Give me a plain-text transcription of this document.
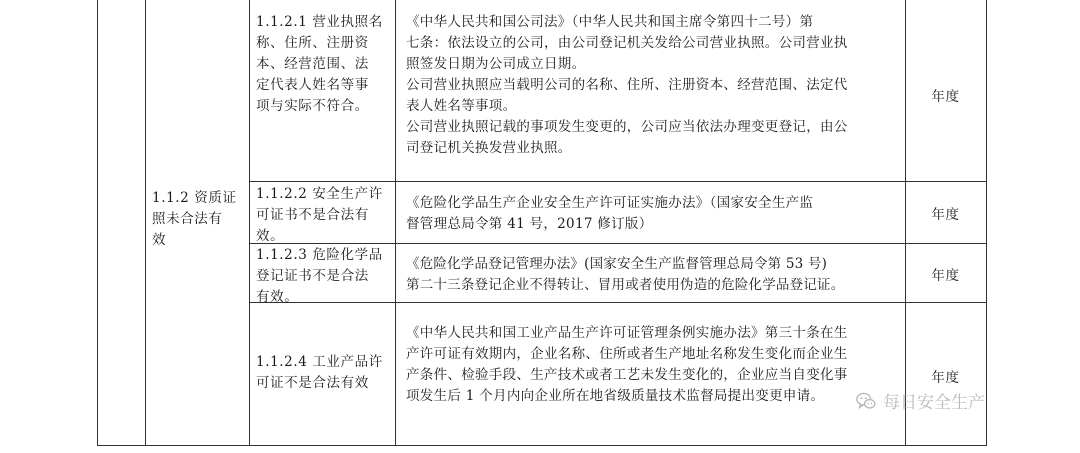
1.1.2 资质证
照未合法有
效
1.1.2.1 营业执照名
称、住所、注册资
本、经营范围、法
定代表人姓名等事
项与实际不符合。
《中华人民共和国公司法》（中华人民共和国主席令第四十二号）第
七条：依法设立的公司，由公司登记机关发给公司营业执照。公司营业执
照签发日期为公司成立日期。
公司营业执照应当载明公司的名称、住所、注册资本、经营范围、法定代
表人姓名等事项。
公司营业执照记载的事项发生变更的，公司应当依法办理变更登记，由公
司登记机关换发营业执照。
年度
1.1.2.2 安全生产许
可证书不是合法有
效。
《危险化学品生产企业安全生产许可证实施办法》（国家安全生产监
督管理总局令第 41 号，2017 修订版）
年度
1.1.2.3 危险化学品
登记证书不是合法
有效。
《危险化学品登记管理办法》(国家安全生产监督管理总局令第 53 号)
第二十三条登记企业不得转让、冒用或者使用伪造的危险化学品登记证。
年度
1.1.2.4 工业产品许
可证不是合法有效
《中华人民共和国工业产品生产许可证管理条例实施办法》第三十条在生
产许可证有效期内，企业名称、住所或者生产地址名称发生变化而企业生
产条件、检验手段、生产技术或者工艺未发生变化的，企业应当自变化事
项发生后 1 个月内向企业所在地省级质量技术监督局提出变更申请。
年度
每日安全生产
